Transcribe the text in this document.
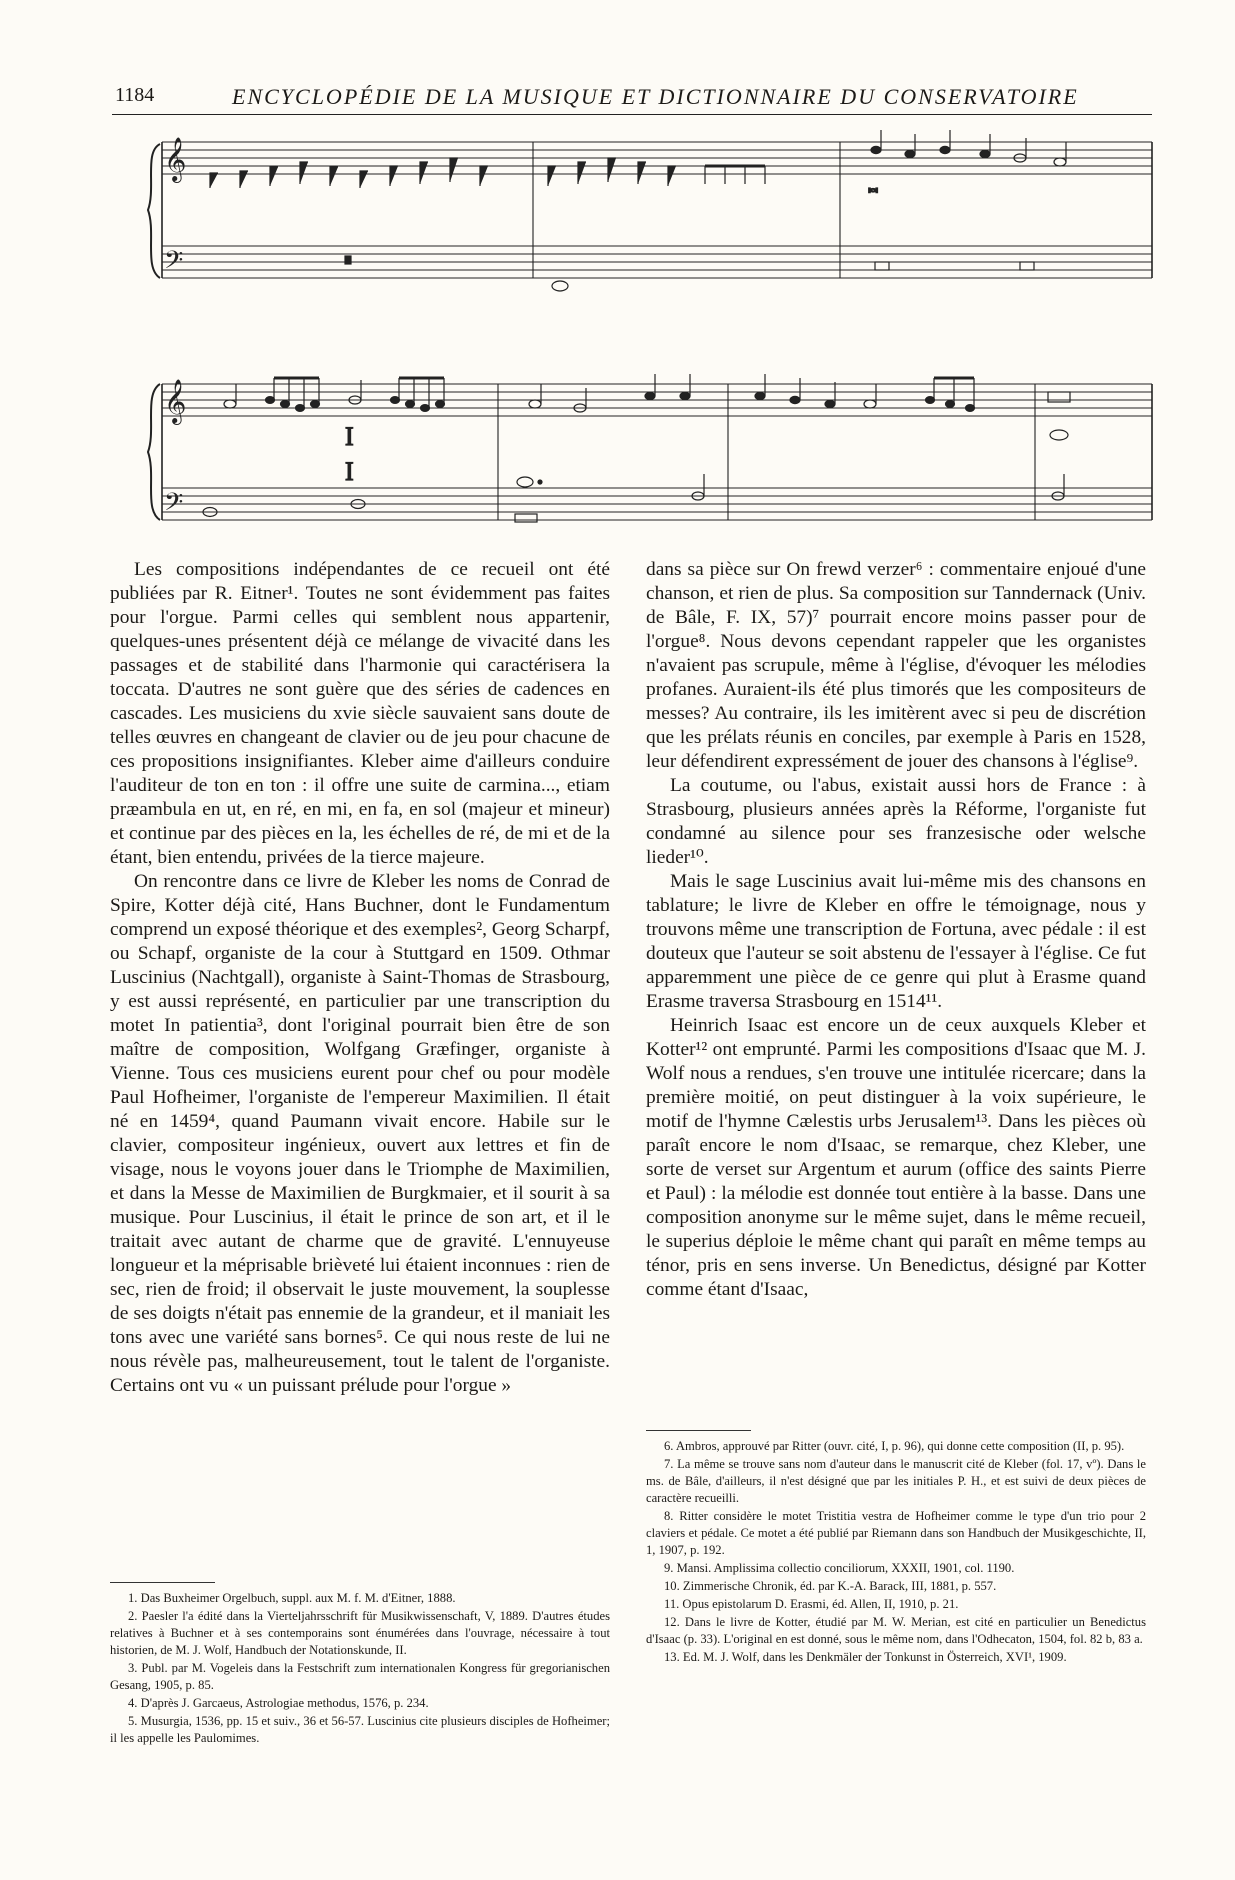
1184	ENCYCLOPÉDIE DE LA MUSIQUE ET DICTIONNAIRE DU CONSERVATOIRE
𝄞
𝄢
𝅜
𝄞
𝄢
I
I

Les compositions indépendantes de ce recueil ont été publiées par R. Eitner¹. Toutes ne sont évidemment pas faites pour l'orgue. Parmi celles qui semblent nous appartenir, quelques-unes présentent déjà ce mélange de vivacité dans les passages et de stabilité dans l'harmonie qui caractérisera la toccata. D'autres ne sont guère que des séries de cadences en cascades. Les musiciens du xvie siècle sauvaient sans doute de telles œuvres en changeant de clavier ou de jeu pour chacune de ces propositions insignifiantes. Kleber aime d'ailleurs conduire l'auditeur de ton en ton : il offre une suite de carmina..., etiam præambula en ut, en ré, en mi, en fa, en sol (majeur et mineur) et continue par des pièces en la, les échelles de ré, de mi et de la étant, bien entendu, privées de la tierce majeure.

On rencontre dans ce livre de Kleber les noms de Conrad de Spire, Kotter déjà cité, Hans Buchner, dont le Fundamentum comprend un exposé théorique et des exemples², Georg Scharpf, ou Schapf, organiste de la cour à Stuttgard en 1509. Othmar Luscinius (Nachtgall), organiste à Saint-Thomas de Strasbourg, y est aussi représenté, en particulier par une transcription du motet In patientia³, dont l'original pourrait bien être de son maître de composition, Wolfgang Græfinger, organiste à Vienne. Tous ces musiciens eurent pour chef ou pour modèle Paul Hofheimer, l'organiste de l'empereur Maximilien. Il était né en 1459⁴, quand Paumann vivait encore. Habile sur le clavier, compositeur ingénieux, ouvert aux lettres et fin de visage, nous le voyons jouer dans le Triomphe de Maximilien, et dans la Messe de Maximilien de Burgkmaier, et il sourit à sa musique. Pour Luscinius, il était le prince de son art, et il le traitait avec autant de charme que de gravité. L'ennuyeuse longueur et la méprisable brièveté lui étaient inconnues : rien de sec, rien de froid; il observait le juste mouvement, la souplesse de ses doigts n'était pas ennemie de la grandeur, et il maniait les tons avec une variété sans bornes⁵. Ce qui nous reste de lui ne nous révèle pas, malheureusement, tout le talent de l'organiste. Certains ont vu « un puissant prélude pour l'orgue »

dans sa pièce sur On frewd verzer⁶ : commentaire enjoué d'une chanson, et rien de plus. Sa composition sur Tanndernack (Univ. de Bâle, F. IX, 57)⁷ pourrait encore moins passer pour de l'orgue⁸. Nous devons cependant rappeler que les organistes n'avaient pas scrupule, même à l'église, d'évoquer les mélodies profanes. Auraient-ils été plus timorés que les compositeurs de messes? Au contraire, ils les imitèrent avec si peu de discrétion que les prélats réunis en conciles, par exemple à Paris en 1528, leur défendirent expressément de jouer des chansons à l'église⁹.

La coutume, ou l'abus, existait aussi hors de France : à Strasbourg, plusieurs années après la Réforme, l'organiste fut condamné au silence pour ses franzesische oder welsche lieder¹⁰.

Mais le sage Luscinius avait lui-même mis des chansons en tablature; le livre de Kleber en offre le témoignage, nous y trouvons même une transcription de Fortuna, avec pédale : il est douteux que l'auteur se soit abstenu de l'essayer à l'église. Ce fut apparemment une pièce de ce genre qui plut à Erasme quand Erasme traversa Strasbourg en 1514¹¹.

Heinrich Isaac est encore un de ceux auxquels Kleber et Kotter¹² ont emprunté. Parmi les compositions d'Isaac que M. J. Wolf nous a rendues, s'en trouve une intitulée ricercare; dans la première moitié, on peut distinguer à la voix supérieure, le motif de l'hymne Cælestis urbs Jerusalem¹³. Dans les pièces où paraît encore le nom d'Isaac, se remarque, chez Kleber, une sorte de verset sur Argentum et aurum (office des saints Pierre et Paul) : la mélodie est donnée tout entière à la basse. Dans une composition anonyme sur le même sujet, dans le même recueil, le superius déploie le même chant qui paraît en même temps au ténor, pris en sens inverse. Un Benedictus, désigné par Kotter comme étant d'Isaac,

1. Das Buxheimer Orgelbuch, suppl. aux M. f. M. d'Eitner, 1888.

2. Paesler l'a édité dans la Vierteljahrsschrift für Musikwissenschaft, V, 1889. D'autres études relatives à Buchner et à ses contemporains sont énumérées dans l'ouvrage, nécessaire à tout historien, de M. J. Wolf, Handbuch der Notationskunde, II.

3. Publ. par M. Vogeleis dans la Festschrift zum internationalen Kongress für gregorianischen Gesang, 1905, p. 85.

4. D'après J. Garcaeus, Astrologiae methodus, 1576, p. 234.

5. Musurgia, 1536, pp. 15 et suiv., 36 et 56-57. Luscinius cite plusieurs disciples de Hofheimer; il les appelle les Paulomimes.

6. Ambros, approuvé par Ritter (ouvr. cité, I, p. 96), qui donne cette composition (II, p. 95).

7. La même se trouve sans nom d'auteur dans le manuscrit cité de Kleber (fol. 17, vº). Dans le ms. de Bâle, d'ailleurs, il n'est désigné que par les initiales P. H., et est suivi de deux pièces de caractère recueilli.

8. Ritter considère le motet Tristitia vestra de Hofheimer comme le type d'un trio pour 2 claviers et pédale. Ce motet a été publié par Riemann dans son Handbuch der Musikgeschichte, II, 1, 1907, p. 192.

9. Mansi. Amplissima collectio conciliorum, XXXII, 1901, col. 1190.

10. Zimmerische Chronik, éd. par K.-A. Barack, III, 1881, p. 557.

11. Opus epistolarum D. Erasmi, éd. Allen, II, 1910, p. 21.

12. Dans le livre de Kotter, étudié par M. W. Merian, est cité en particulier un Benedictus d'Isaac (p. 33). L'original en est donné, sous le même nom, dans l'Odhecaton, 1504, fol. 82 b, 83 a.

13. Ed. M. J. Wolf, dans les Denkmäler der Tonkunst in Österreich, XVI¹, 1909.
